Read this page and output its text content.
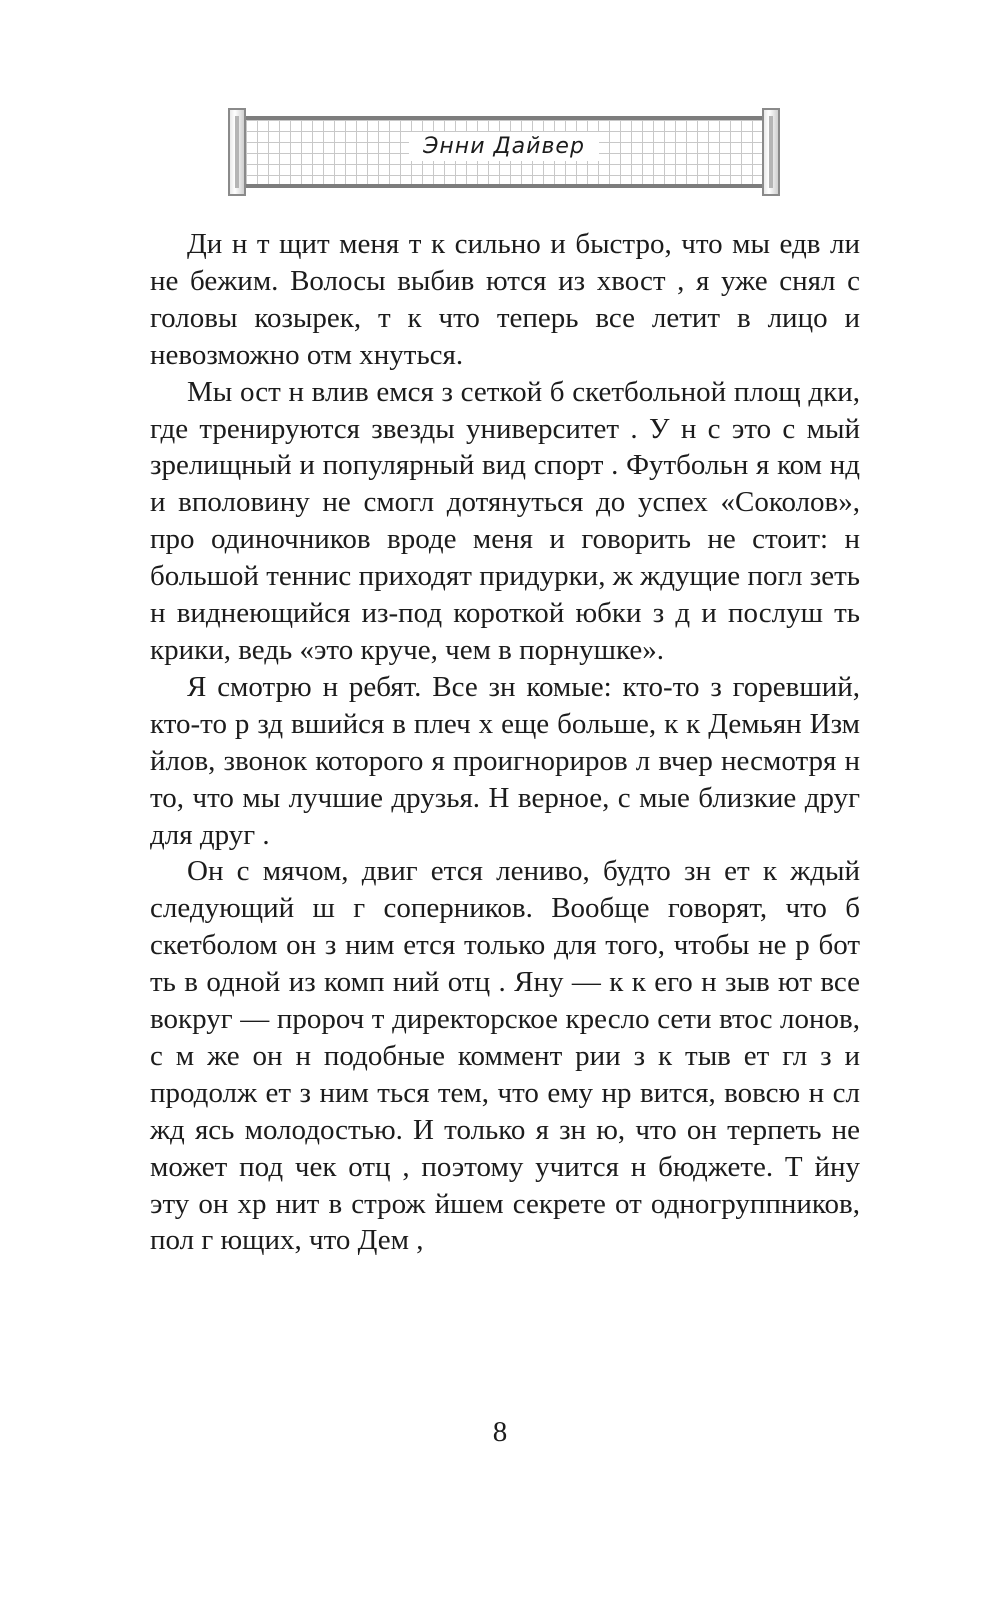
Энни Дайвер

Ди н т щит меня т к сильно и быстро, что мы едв ли не бежим. Волосы выбив ются из хвост , я уже снял с головы козырек, т к что теперь все летит в лицо и невозможно отм хнуться.

Мы ост н влив емся з сеткой б скетбольной площ дки, где тренируются звезды университет . У н с это с мый зрелищный и популярный вид спорт . Футбольн я ком нд и вполовину не смогл дотянуться до успех «Соколов», про одиночников вроде меня и говорить не стоит: н большой теннис приходят придурки, ж ждущие погл зеть н виднеющийся из-под короткой юбки з д и послуш ть крики, ведь «это круче, чем в порнушке».

Я смотрю н ребят. Все зн комые: кто-то з горевший, кто-то р зд вшийся в плеч х еще больше, к к Демьян Изм йлов, звонок которого я проигнориров л вчер несмотря н то, что мы лучшие друзья. Н верное, с мые близкие друг для друг .

Он с мячом, двиг ется лениво, будто зн ет к ждый следующий ш г соперников. Вообще говорят, что б скетболом он з ним ется только для того, чтобы не р бот ть в одной из комп ний отц . Яну — к к его н зыв ют все вокруг — пророч т директорское кресло сети втос лонов, с м же он н подобные коммент рии з к тыв ет гл з и продолж ет з ним ться тем, что ему нр вится, вовсю н сл жд ясь молодостью. И только я зн ю, что он терпеть не может под чек отц , поэтому учится н бюджете. Т йну эту он хр нит в строж йшем секрете от одногруппников, пол г ющих, что Дем ,

8
